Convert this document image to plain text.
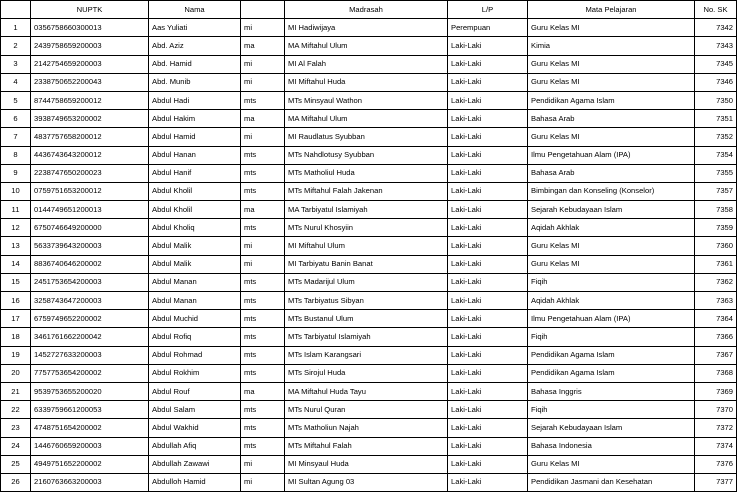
	NUPTK	Nama		Madrasah	L/P	Mata Pelajaran	No. SK
1	0356758660300013	Aas Yuliati	mi	MI Hadiwijaya	Perempuan	Guru Kelas MI	7342
2	2439758659200003	Abd. Aziz	ma	MA Miftahul Ulum	Laki-Laki	Kimia	7343
3	2142754659200003	Abd. Hamid	mi	MI Al Falah	Laki-Laki	Guru Kelas MI	7345
4	2338750652200043	Abd. Munib	mi	MI Miftahul Huda	Laki-Laki	Guru Kelas MI	7346
5	8744758659200012	Abdul Hadi	mts	MTs Minsyaul Wathon	Laki-Laki	Pendidikan Agama Islam	7350
6	3938749653200002	Abdul Hakim	ma	MA Miftahul Ulum	Laki-Laki	Bahasa Arab	7351
7	4837757658200012	Abdul Hamid	mi	MI Raudlatus Syubban	Laki-Laki	Guru Kelas MI	7352
8	4436743643200012	Abdul Hanan	mts	MTs Nahdlotusy Syubban	Laki-Laki	Ilmu Pengetahuan Alam (IPA)	7354
9	2238747650200023	Abdul Hanif	mts	MTs Matholiul Huda	Laki-Laki	Bahasa Arab	7355
10	0759751653200012	Abdul Kholil	mts	MTs Miftahul Falah Jakenan	Laki-Laki	Bimbingan dan Konseling (Konselor)	7357
11	0144749651200013	Abdul Kholil	ma	MA Tarbiyatul Islamiyah	Laki-Laki	Sejarah Kebudayaan Islam	7358
12	6750746649200000	Abdul Kholiq	mts	MTs Nurul Khosyiin	Laki-Laki	Aqidah Akhlak	7359
13	5633739643200003	Abdul Malik	mi	MI Miftahul Ulum	Laki-Laki	Guru Kelas MI	7360
14	8836740646200002	Abdul Malik	mi	MI Tarbiyatu Banin Banat	Laki-Laki	Guru Kelas MI	7361
15	2451753654200003	Abdul Manan	mts	MTs Madarijul Ulum	Laki-Laki	Fiqih	7362
16	3258743647200003	Abdul Manan	mts	MTs Tarbiyatus Sibyan	Laki-Laki	Aqidah Akhlak	7363
17	6759749652200002	Abdul Muchid	mts	MTs Bustanul Ulum	Laki-Laki	Ilmu Pengetahuan Alam (IPA)	7364
18	3461761662200042	Abdul Rofiq	mts	MTs Tarbiyatul Islamiyah	Laki-Laki	Fiqih	7366
19	1452727633200003	Abdul Rohmad	mts	MTs Islam Karangsari	Laki-Laki	Pendidikan Agama Islam	7367
20	7757753654200002	Abdul Rokhim	mts	MTs Sirojul Huda	Laki-Laki	Pendidikan Agama Islam	7368
21	9539753655200020	Abdul Rouf	ma	MA Miftahul Huda Tayu	Laki-Laki	Bahasa Inggris	7369
22	6339759661200053	Abdul Salam	mts	MTs Nurul Quran	Laki-Laki	Fiqih	7370
23	4748751654200002	Abdul Wakhid	mts	MTs Matholiun Najah	Laki-Laki	Sejarah Kebudayaan Islam	7372
24	1446760659200003	Abdullah Afiq	mts	MTs Miftahul Falah	Laki-Laki	Bahasa Indonesia	7374
25	4949751652200002	Abdullah Zawawi	mi	MI Minsyaul Huda	Laki-Laki	Guru Kelas MI	7376
26	2160763663200003	Abdulloh Hamid	mi	MI Sultan Agung 03	Laki-Laki	Pendidikan Jasmani dan Kesehatan	7377
